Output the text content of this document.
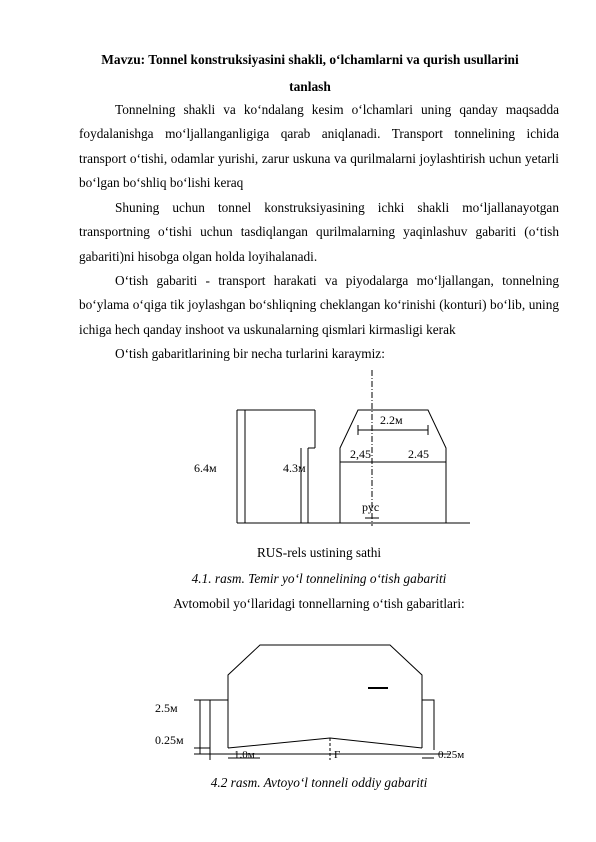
Mavzu: Tonnel konstruksiyasini shakli, o‘lchamlarni va qurish usullarini
tanlash

Tonnelning shakli va ko‘ndalang kesim o‘lchamlari uning qanday maqsadda foydalanishga mo‘ljallanganligiga qarab aniqlanadi. Transport tonnelining ichida transport o‘tishi, odamlar yurishi, zarur uskuna va qurilmalarni joylashtirish uchun yetarli bo‘lgan bo‘shliq bo‘lishi keraq

Shuning uchun tonnel konstruksiyasining ichki shakli mo‘ljallanayotgan transportning o‘tishi uchun tasdiqlangan qurilmalarning yaqinlashuv gabariti (o‘tish gabariti)ni hisobga olgan holda loyihalanadi.

O‘tish gabariti - transport harakati va piyodalarga mo‘ljallangan, tonnelning bo‘ylama o‘qiga tik joylashgan bo‘shliqning cheklangan ko‘rinishi (konturi) bo‘lib, uning ichiga hech qanday inshoot va uskunalarning qismlari kirmasligi kerak

O‘tish gabaritlarining bir necha turlarini karaymiz:
6.4м	4.3м
2.2м
2,45	2.45
рус
RUS-rels ustining sathi
4.1. rasm. Temir yo‘l tonnelining o‘tish gabariti
Avtomobil yo‘llaridagi tonnellarning o‘tish gabaritlari:
2.5м
0.25м
1.0м	Г	0.25м
4.2 rasm. Avtoyo‘l tonneli oddiy gabariti
